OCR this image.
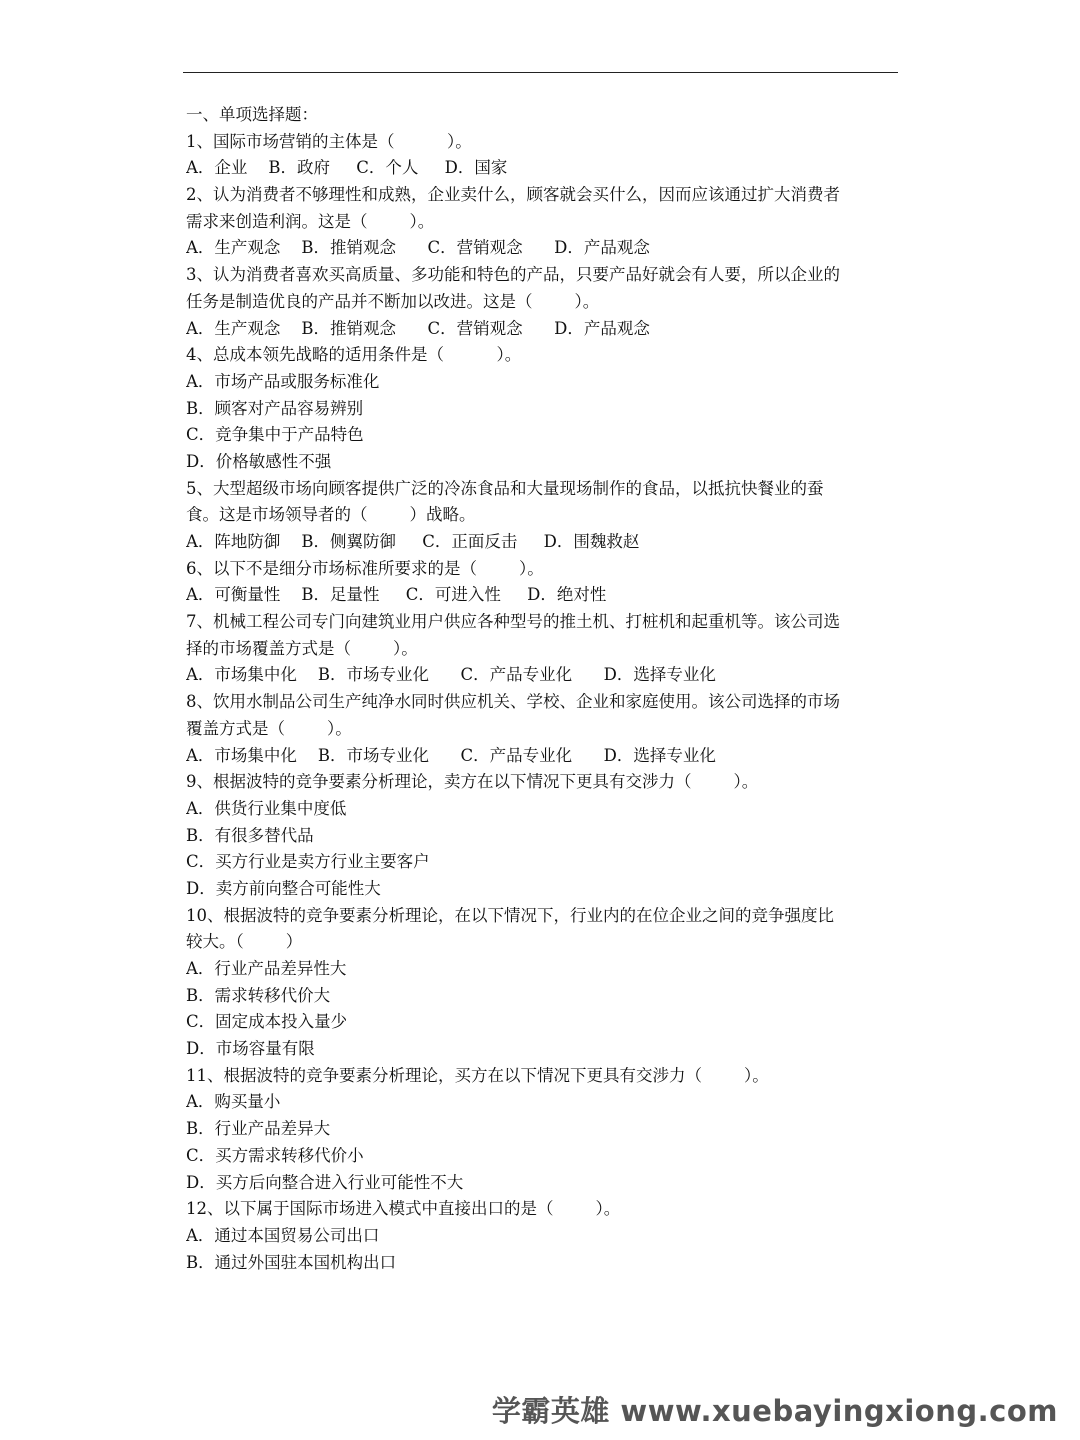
一、单项选择题：
1、国际市场营销的主体是（          ）。
A．企业    B．政府     C．个人     D．国家
2、认为消费者不够理性和成熟，企业卖什么，顾客就会买什么，因而应该通过扩大消费者
需求来创造利润。这是（        ）。
A．生产观念    B．推销观念      C．营销观念      D．产品观念
3、认为消费者喜欢买高质量、多功能和特色的产品，只要产品好就会有人要，所以企业的
任务是制造优良的产品并不断加以改进。这是（        ）。
A．生产观念    B．推销观念      C．营销观念      D．产品观念
4、总成本领先战略的适用条件是（          ）。
A．市场产品或服务标准化
B．顾客对产品容易辨别
C．竞争集中于产品特色
D．价格敏感性不强
5、大型超级市场向顾客提供广泛的冷冻食品和大量现场制作的食品，以抵抗快餐业的蚕
食。这是市场领导者的（        ）战略。
A．阵地防御    B．侧翼防御     C．正面反击     D．围魏救赵
6、以下不是细分市场标准所要求的是（        ）。
A．可衡量性    B．足量性     C．可进入性     D．绝对性
7、机械工程公司专门向建筑业用户供应各种型号的推土机、打桩机和起重机等。该公司选
择的市场覆盖方式是（        ）。
A．市场集中化    B．市场专业化      C．产品专业化      D．选择专业化
8、饮用水制品公司生产纯净水同时供应机关、学校、企业和家庭使用。该公司选择的市场
覆盖方式是（        ）。
A．市场集中化    B．市场专业化      C．产品专业化      D．选择专业化
9、根据波特的竞争要素分析理论，卖方在以下情况下更具有交涉力（        ）。
A．供货行业集中度低
B．有很多替代品
C．买方行业是卖方行业主要客户
D．卖方前向整合可能性大
10、根据波特的竞争要素分析理论，在以下情况下，行业内的在位企业之间的竞争强度比
较大。（        ）
A．行业产品差异性大
B．需求转移代价大
C．固定成本投入量少
D．市场容量有限
11、根据波特的竞争要素分析理论，买方在以下情况下更具有交涉力（        ）。
A．购买量小
B．行业产品差异大
C．买方需求转移代价小
D．买方后向整合进入行业可能性不大
12、以下属于国际市场进入模式中直接出口的是（        ）。
A．通过本国贸易公司出口
B．通过外国驻本国机构出口
学霸英雄 www.xuebayingxiong.com
